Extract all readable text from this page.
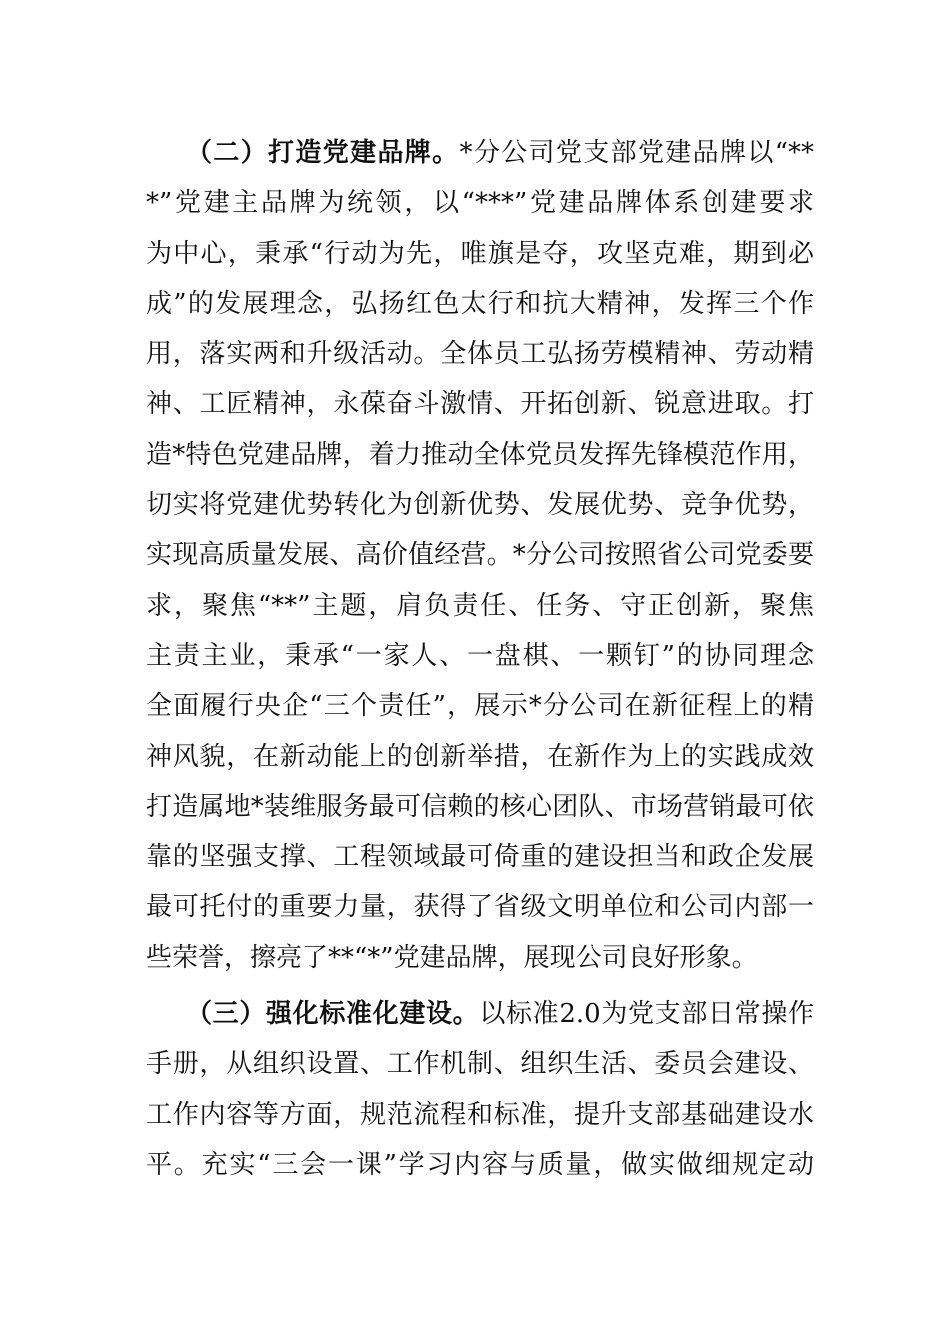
（二）打造党建品牌。*分公司党支部党建品牌以“**
*”党建主品牌为统领，以“***”党建品牌体系创建要求
为中心，秉承“行动为先，唯旗是夺，攻坚克难，期到必
成”的发展理念，弘扬红色太行和抗大精神，发挥三个作
用，落实两和升级活动。全体员工弘扬劳模精神、劳动精
神、工匠精神，永葆奋斗激情、开拓创新、锐意进取。打
造*特色党建品牌，着力推动全体党员发挥先锋模范作用，
切实将党建优势转化为创新优势、发展优势、竞争优势，
实现高质量发展、高价值经营。*分公司按照省公司党委要
求，聚焦“**”主题，肩负责任、任务、守正创新，聚焦
主责主业，秉承“一家人、一盘棋、一颗钉”的协同理念
全面履行央企“三个责任”，展示*分公司在新征程上的精
神风貌，在新动能上的创新举措，在新作为上的实践成效
打造属地*装维服务最可信赖的核心团队、市场营销最可依
靠的坚强支撑、工程领域最可倚重的建设担当和政企发展
最可托付的重要力量，获得了省级文明单位和公司内部一
些荣誉，擦亮了**“*”党建品牌，展现公司良好形象。
（三）强化标准化建设。以标准2.0为党支部日常操作
手册，从组织设置、工作机制、组织生活、委员会建设、
工作内容等方面，规范流程和标准，提升支部基础建设水
平。充实“三会一课”学习内容与质量，做实做细规定动
